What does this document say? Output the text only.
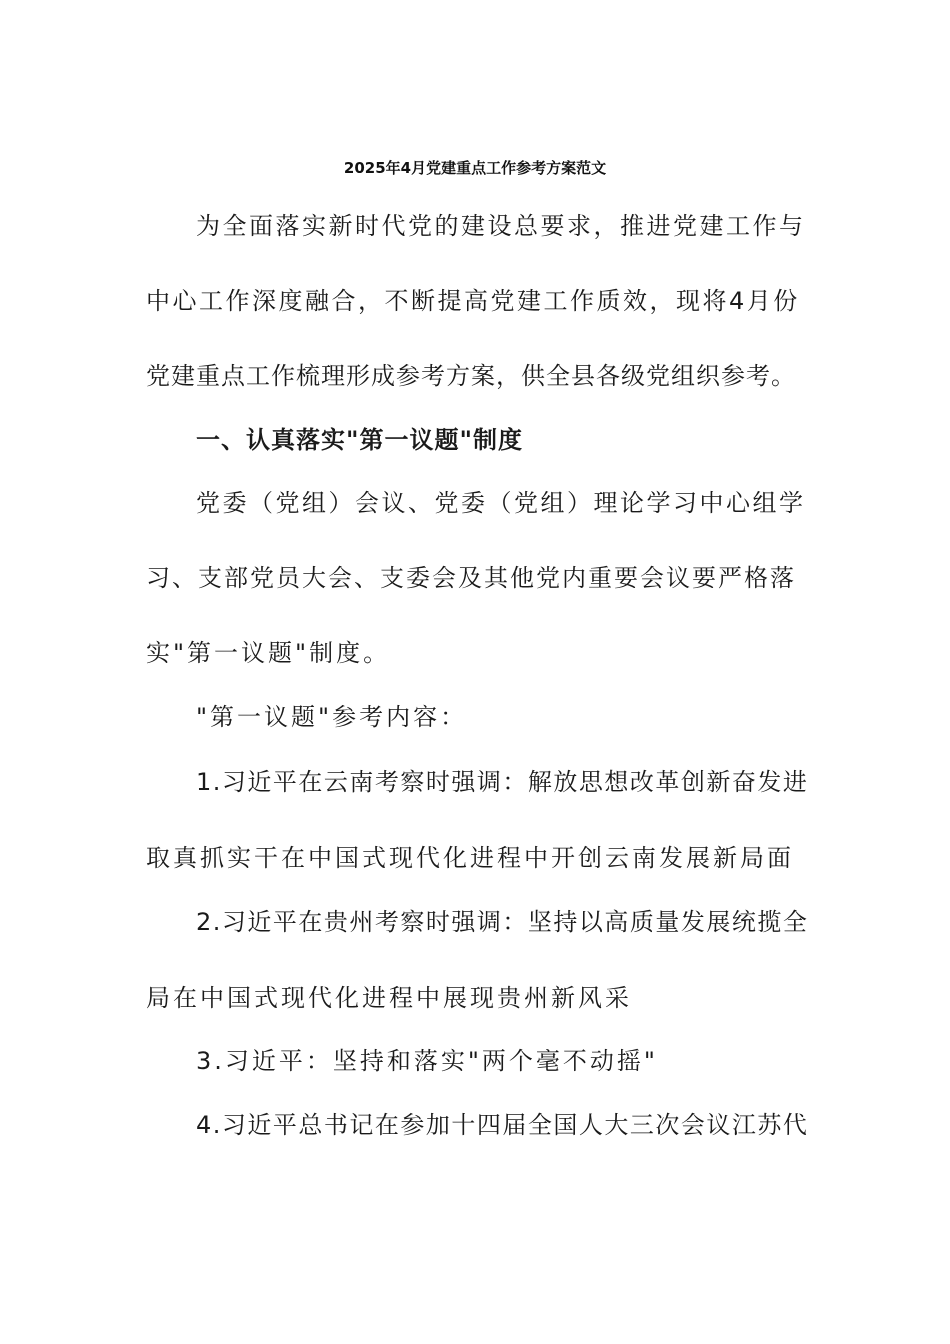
2025年4月党建重点工作参考方案范文
为全面落实新时代党的建设总要求，推进党建工作与
中心工作深度融合，不断提高党建工作质效，现将4月份
党建重点工作梳理形成参考方案，供全县各级党组织参考。
一、认真落实"第一议题"制度
党委（党组）会议、党委（党组）理论学习中心组学
习、支部党员大会、支委会及其他党内重要会议要严格落
实"第一议题"制度。
"第一议题"参考内容：
1.习近平在云南考察时强调：解放思想改革创新奋发进
取真抓实干在中国式现代化进程中开创云南发展新局面
2.习近平在贵州考察时强调：坚持以高质量发展统揽全
局在中国式现代化进程中展现贵州新风采
3.习近平：坚持和落实"两个毫不动摇"
4.习近平总书记在参加十四届全国人大三次会议江苏代
